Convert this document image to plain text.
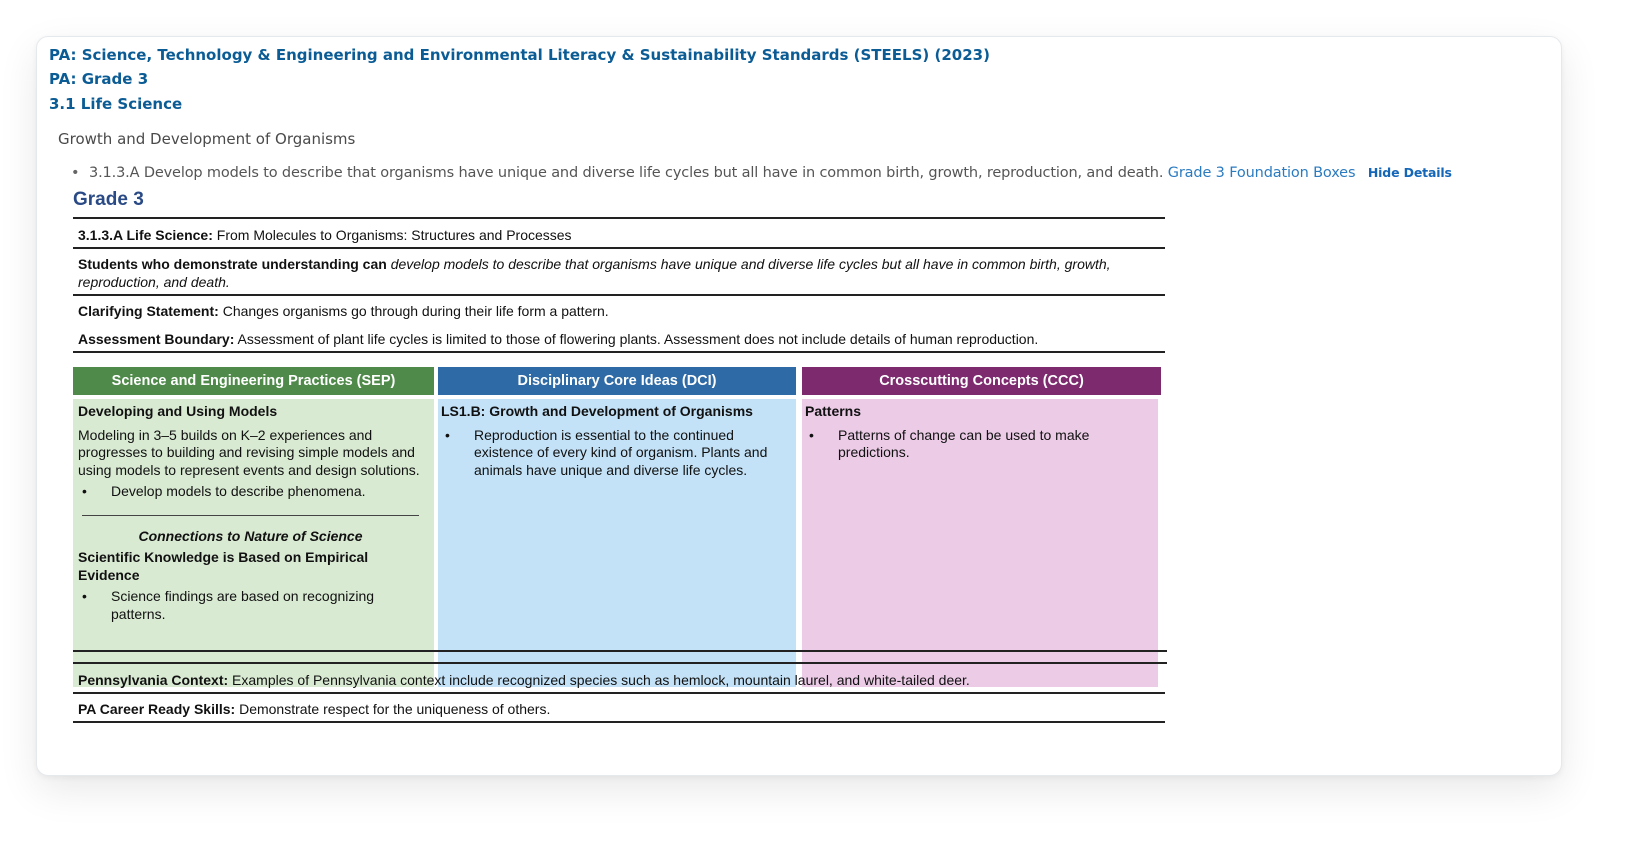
PA: Science, Technology & Engineering and Environmental Literacy & Sustainability Standards (STEELS) (2023)
PA: Grade 3
3.1 Life Science
Growth and Development of Organisms
• 3.1.3.A Develop models to describe that organisms have unique and diverse life cycles but all have in common birth, growth, reproduction, and death. Grade 3 Foundation Boxes Hide Details
Grade 3
3.1.3.A Life Science: From Molecules to Organisms: Structures and Processes
Students who demonstrate understanding can develop models to describe that organisms have unique and diverse life cycles but all have in common birth, growth, reproduction, and death.
Clarifying Statement: Changes organisms go through during their life form a pattern.
Assessment Boundary: Assessment of plant life cycles is limited to those of flowering plants. Assessment does not include details of human reproduction.
Science and Engineering Practices (SEP)	Disciplinary Core Ideas (DCI)	Crosscutting Concepts (CCC)
Developing and Using Models
Modeling in 3–5 builds on K–2 experiences and progresses to building and revising simple models and using models to represent events and design solutions.
• Develop models to describe phenomena.
Connections to Nature of Science
Scientific Knowledge is Based on Empirical Evidence
• Science findings are based on recognizing patterns.
LS1.B: Growth and Development of Organisms
• Reproduction is essential to the continued existence of every kind of organism. Plants and animals have unique and diverse life cycles.
Patterns
• Patterns of change can be used to make predictions.
Pennsylvania Context: Examples of Pennsylvania context include recognized species such as hemlock, mountain laurel, and white-tailed deer.
PA Career Ready Skills: Demonstrate respect for the uniqueness of others.
